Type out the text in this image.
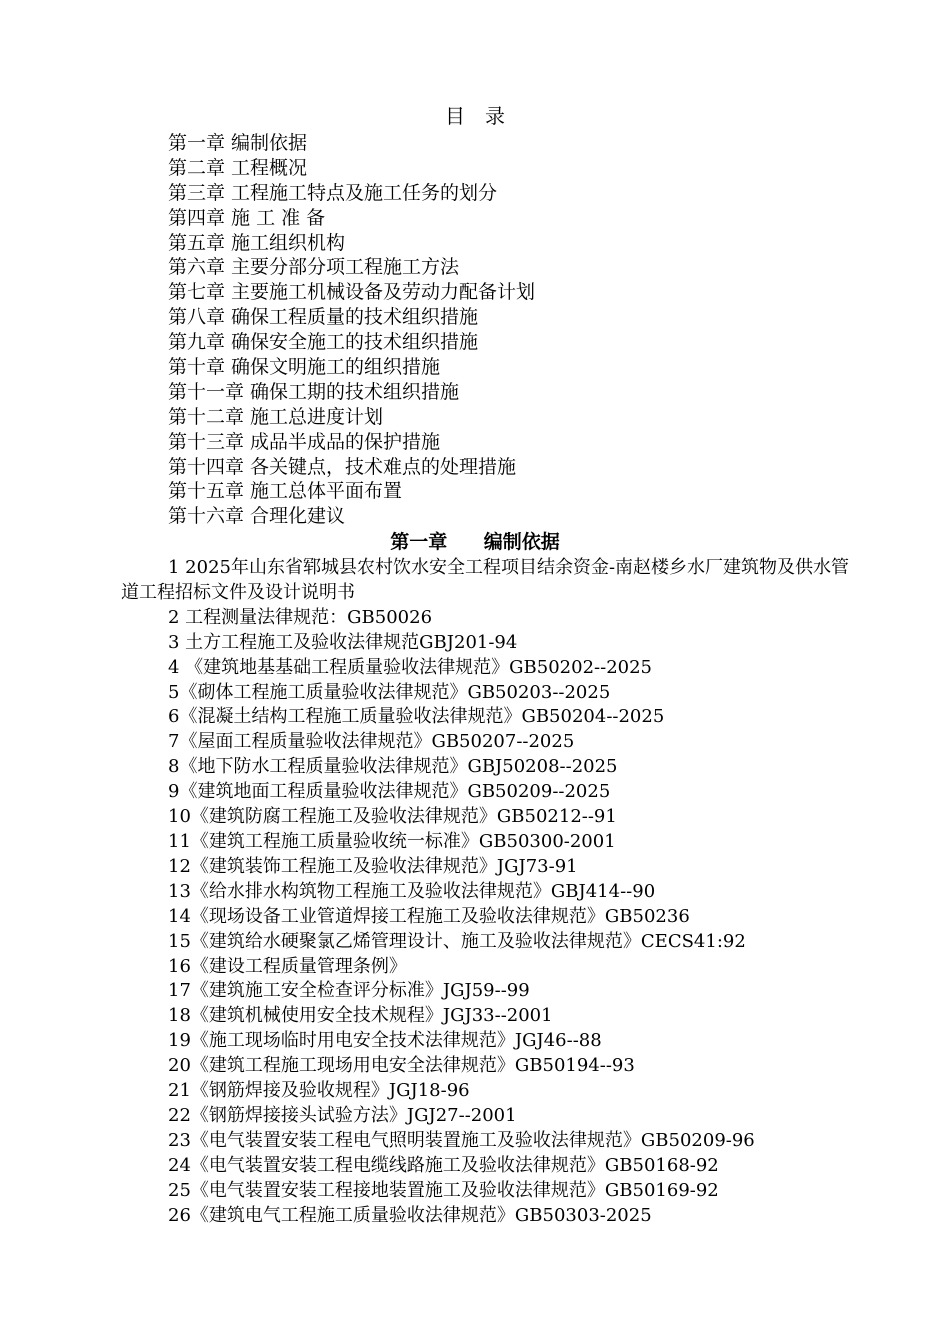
目　录
第一章 编制依据
第二章 工程概况
第三章 工程施工特点及施工任务的划分
第四章 施 工 准 备
第五章 施工组织机构
第六章 主要分部分项工程施工方法
第七章 主要施工机械设备及劳动力配备计划
第八章 确保工程质量的技术组织措施
第九章 确保安全施工的技术组织措施
第十章 确保文明施工的组织措施
第十一章 确保工期的技术组织措施
第十二章 施工总进度计划
第十三章 成品半成品的保护措施
第十四章 各关键点，技术难点的处理措施
第十五章 施工总体平面布置
第十六章 合理化建议
第一章 编制依据
1 2025年山东省郓城县农村饮水安全工程项目结余资金-南赵楼乡水厂建筑物及供水管道工程招标文件及设计说明书
2 工程测量法律规范：GB50026
3 土方工程施工及验收法律规范GBJ201-94
4 《建筑地基基础工程质量验收法律规范》GB50202--2025
5《砌体工程施工质量验收法律规范》GB50203--2025
6《混凝土结构工程施工质量验收法律规范》GB50204--2025
7《屋面工程质量验收法律规范》GB50207--2025
8《地下防水工程质量验收法律规范》GBJ50208--2025
9《建筑地面工程质量验收法律规范》GB50209--2025
10《建筑防腐工程施工及验收法律规范》GB50212--91
11《建筑工程施工质量验收统一标准》GB50300-2001
12《建筑装饰工程施工及验收法律规范》JGJ73-91
13《给水排水构筑物工程施工及验收法律规范》GBJ414--90
14《现场设备工业管道焊接工程施工及验收法律规范》GB50236
15《建筑给水硬聚氯乙烯管理设计、施工及验收法律规范》CECS41:92
16《建设工程质量管理条例》
17《建筑施工安全检查评分标准》JGJ59--99
18《建筑机械使用安全技术规程》JGJ33--2001
19《施工现场临时用电安全技术法律规范》JGJ46--88
20《建筑工程施工现场用电安全法律规范》GB50194--93
21《钢筋焊接及验收规程》JGJ18-96
22《钢筋焊接接头试验方法》JGJ27--2001
23《电气装置安装工程电气照明装置施工及验收法律规范》GB50209-96
24《电气装置安装工程电缆线路施工及验收法律规范》GB50168-92
25《电气装置安装工程接地装置施工及验收法律规范》GB50169-92
26《建筑电气工程施工质量验收法律规范》GB50303-2025
